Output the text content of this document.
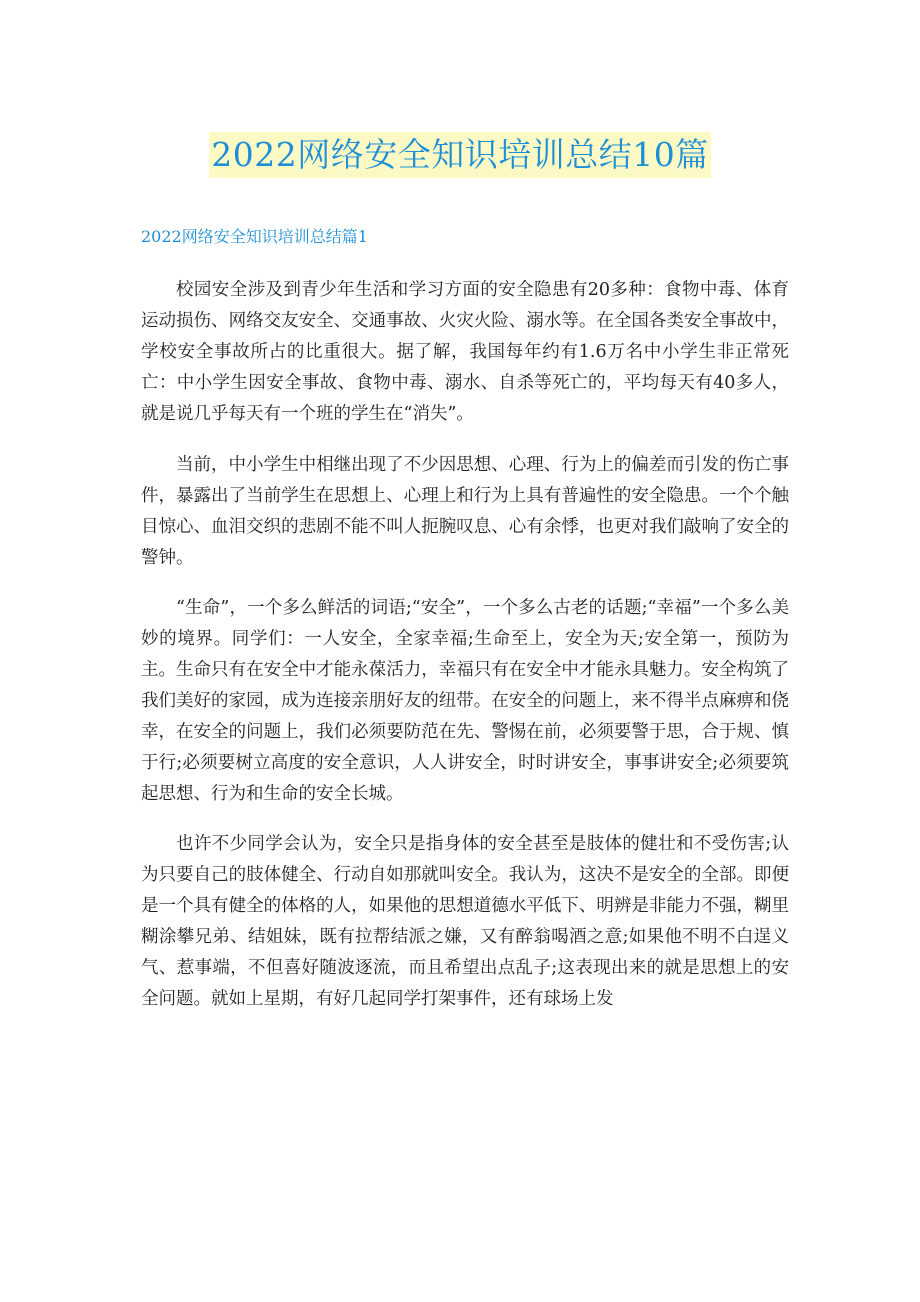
2022网络安全知识培训总结10篇
2022网络安全知识培训总结篇1

校园安全涉及到青少年生活和学习方面的安全隐患有20多种：食物中毒、体育运动损伤、网络交友安全、交通事故、火灾火险、溺水等。在全国各类安全事故中，学校安全事故所占的比重很大。据了解，我国每年约有1.6万名中小学生非正常死亡：中小学生因安全事故、食物中毒、溺水、自杀等死亡的，平均每天有40多人，就是说几乎每天有一个班的学生在“消失”。

当前，中小学生中相继出现了不少因思想、心理、行为上的偏差而引发的伤亡事件，暴露出了当前学生在思想上、心理上和行为上具有普遍性的安全隐患。一个个触目惊心、血泪交织的悲剧不能不叫人扼腕叹息、心有余悸，也更对我们敲响了安全的警钟。

“生命”，一个多么鲜活的词语;“安全”，一个多么古老的话题;“幸福”一个多么美妙的境界。同学们：一人安全，全家幸福;生命至上，安全为天;安全第一，预防为主。生命只有在安全中才能永葆活力，幸福只有在安全中才能永具魅力。安全构筑了我们美好的家园，成为连接亲朋好友的纽带。在安全的问题上，来不得半点麻痹和侥幸，在安全的问题上，我们必须要防范在先、警惕在前，必须要警于思，合于规、慎于行;必须要树立高度的安全意识，人人讲安全，时时讲安全，事事讲安全;必须要筑起思想、行为和生命的安全长城。

也许不少同学会认为，安全只是指身体的安全甚至是肢体的健壮和不受伤害;认为只要自己的肢体健全、行动自如那就叫安全。我认为，这决不是安全的全部。即便是一个具有健全的体格的人，如果他的思想道德水平低下、明辨是非能力不强，糊里糊涂攀兄弟、结姐妹，既有拉帮结派之嫌，又有醉翁喝酒之意;如果他不明不白逞义气、惹事端，不但喜好随波逐流，而且希望出点乱子;这表现出来的就是思想上的安全问题。就如上星期，有好几起同学打架事件，还有球场上发
